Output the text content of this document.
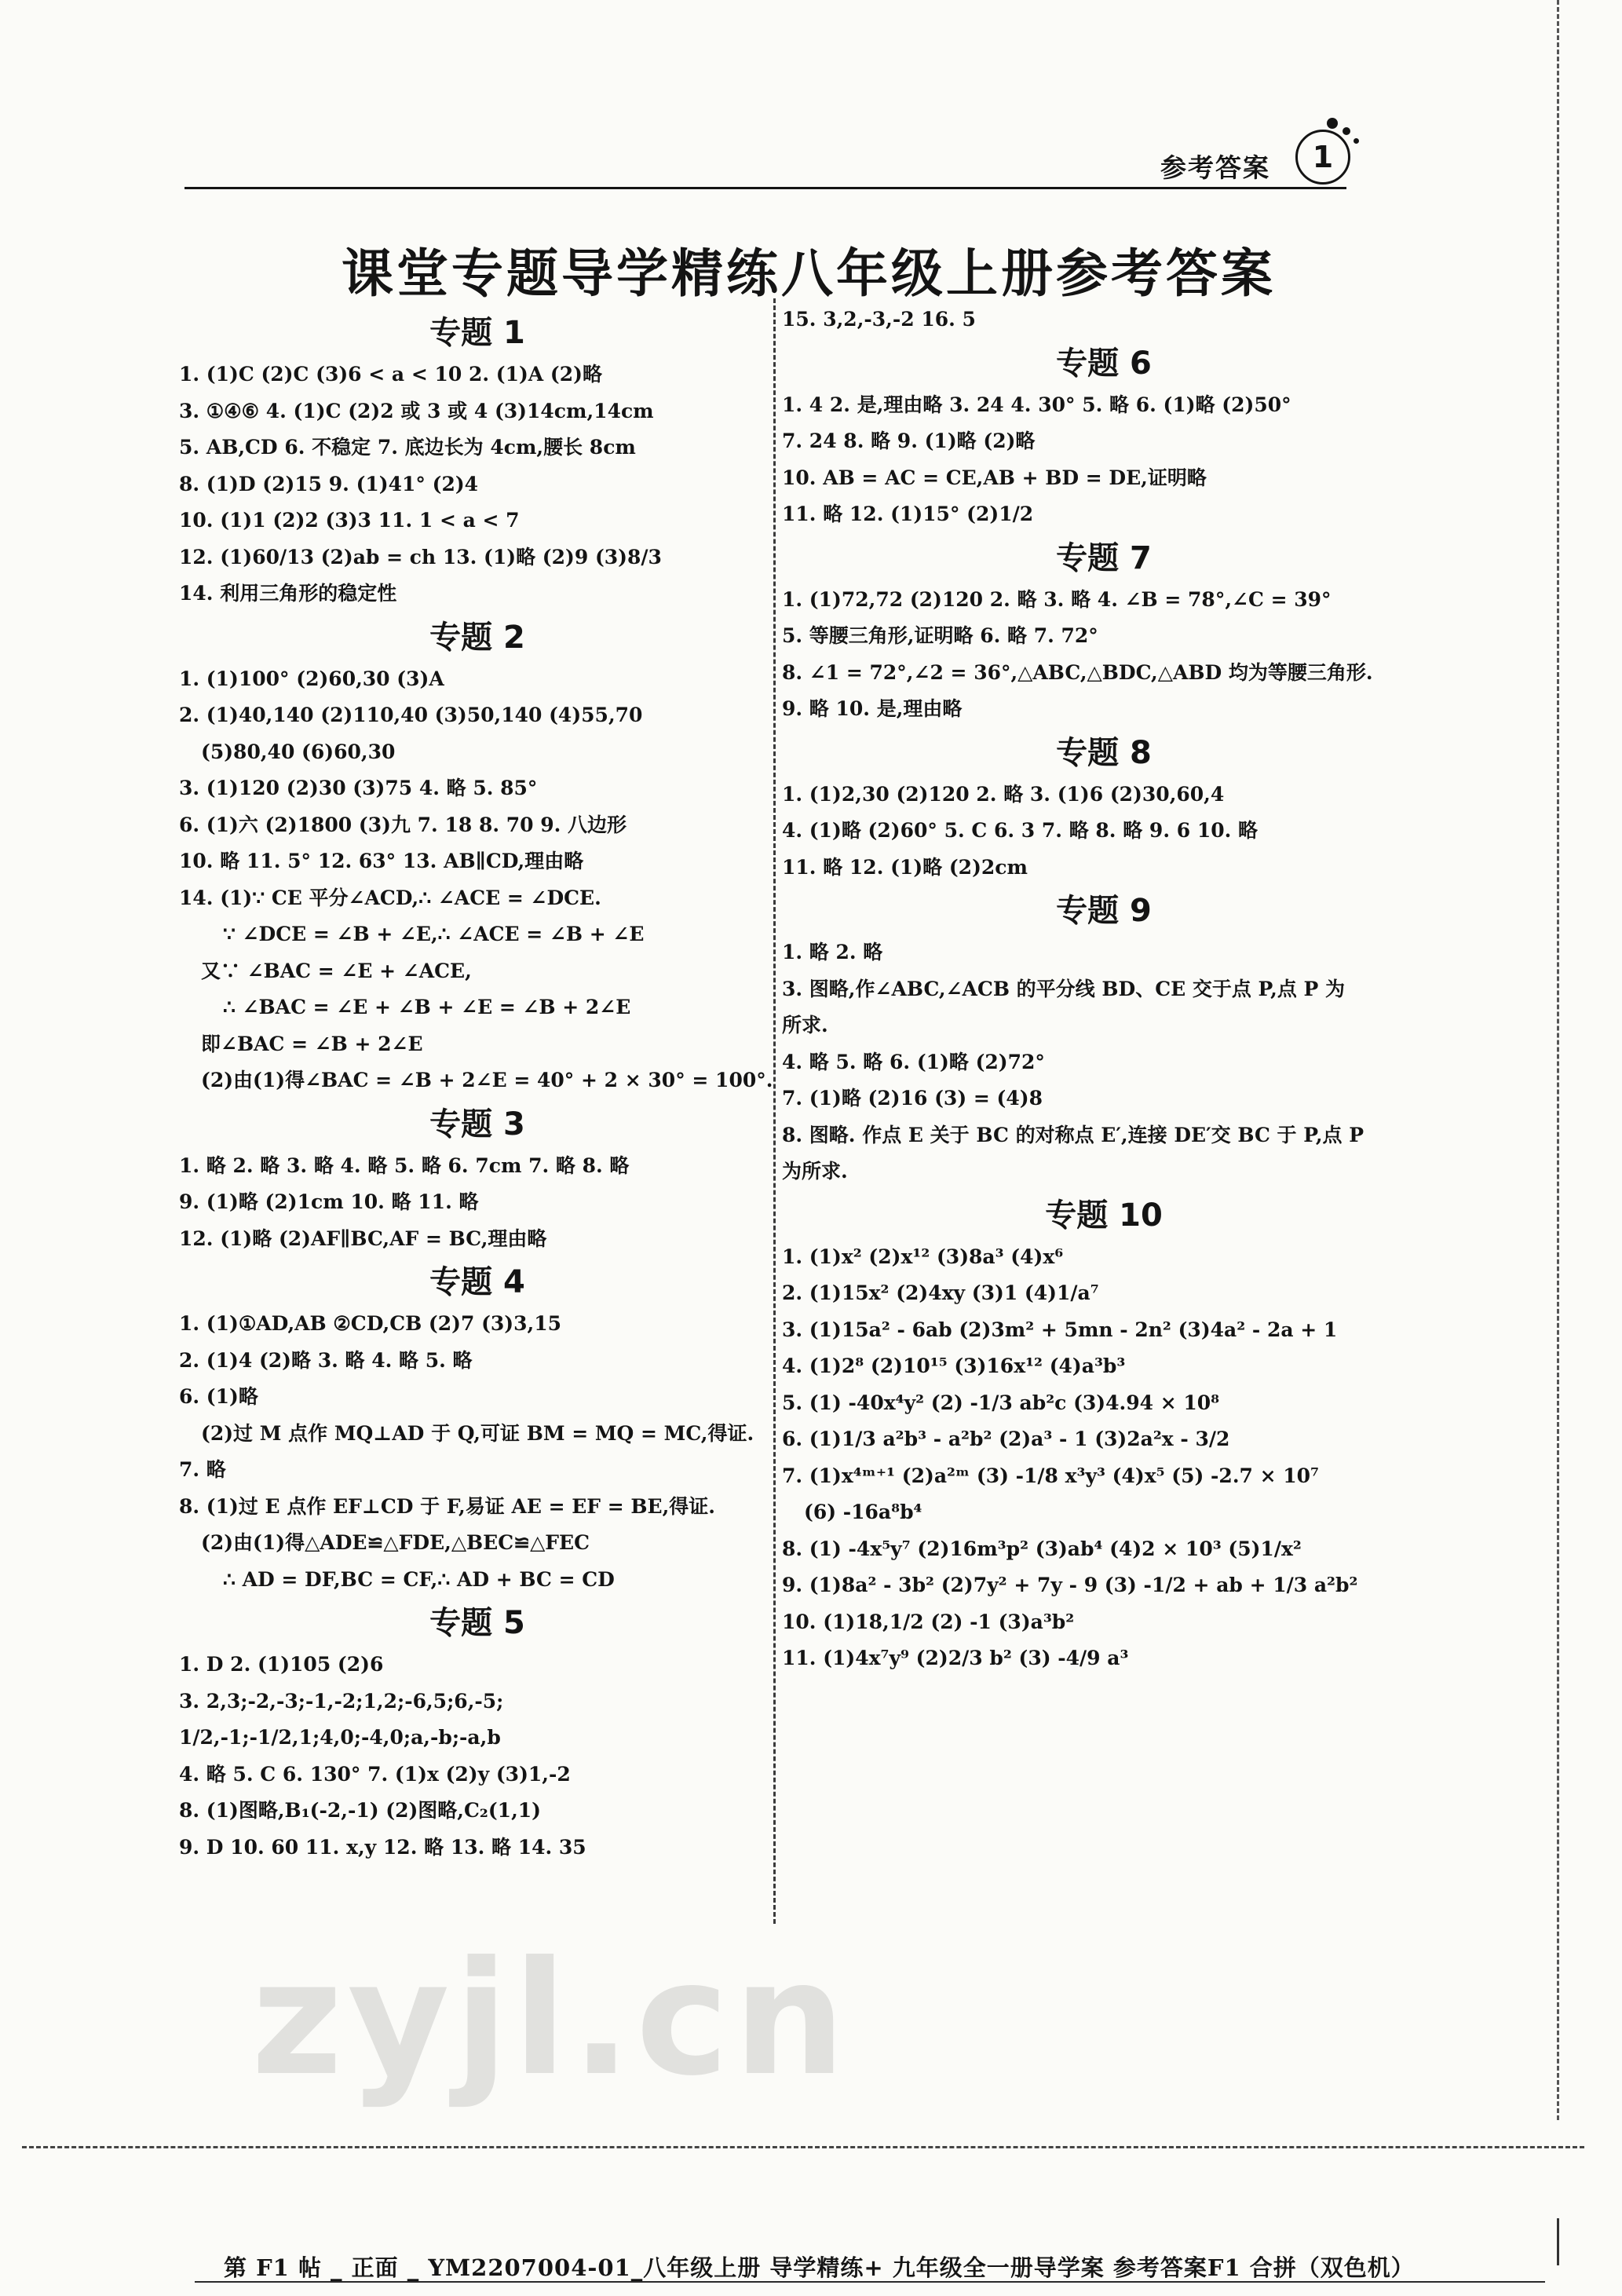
参考答案	1
课堂专题导学精练八年级上册参考答案
专题 1
1. (1)C (2)C (3)6 < a < 10 2. (1)A (2)略
3. ①④⑥ 4. (1)C (2)2 或 3 或 4 (3)14cm,14cm
5. AB,CD 6. 不稳定 7. 底边长为 4cm,腰长 8cm
8. (1)D (2)15 9. (1)41° (2)4
10. (1)1 (2)2 (3)3 11. 1 < a < 7
12. (1)60/13 (2)ab = ch 13. (1)略 (2)9 (3)8/3
14. 利用三角形的稳定性
专题 2
1. (1)100° (2)60,30 (3)A
2. (1)40,140 (2)110,40 (3)50,140 (4)55,70
(5)80,40 (6)60,30
3. (1)120 (2)30 (3)75 4. 略 5. 85°
6. (1)六 (2)1800 (3)九 7. 18 8. 70 9. 八边形
10. 略 11. 5° 12. 63° 13. AB∥CD,理由略
14. (1)∵ CE 平分∠ACD,∴ ∠ACE = ∠DCE.
∵ ∠DCE = ∠B + ∠E,∴ ∠ACE = ∠B + ∠E
又∵ ∠BAC = ∠E + ∠ACE,
∴ ∠BAC = ∠E + ∠B + ∠E = ∠B + 2∠E
即∠BAC = ∠B + 2∠E
(2)由(1)得∠BAC = ∠B + 2∠E = 40° + 2 × 30° = 100°.
专题 3
1. 略 2. 略 3. 略 4. 略 5. 略 6. 7cm 7. 略 8. 略
9. (1)略 (2)1cm 10. 略 11. 略
12. (1)略 (2)AF∥BC,AF = BC,理由略
专题 4
1. (1)①AD,AB ②CD,CB (2)7 (3)3,15
2. (1)4 (2)略 3. 略 4. 略 5. 略
6. (1)略
(2)过 M 点作 MQ⊥AD 于 Q,可证 BM = MQ = MC,得证.
7. 略
8. (1)过 E 点作 EF⊥CD 于 F,易证 AE = EF = BE,得证.
(2)由(1)得△ADE≌△FDE,△BEC≌△FEC
∴ AD = DF,BC = CF,∴ AD + BC = CD
专题 5
1. D 2. (1)105 (2)6
3. 2,3;-2,-3;-1,-2;1,2;-6,5;6,-5;
1/2,-1;-1/2,1;4,0;-4,0;a,-b;-a,b
4. 略 5. C 6. 130° 7. (1)x (2)y (3)1,-2
8. (1)图略,B₁(-2,-1) (2)图略,C₂(1,1)
9. D 10. 60 11. x,y 12. 略 13. 略 14. 35
15. 3,2,-3,-2 16. 5
专题 6
1. 4 2. 是,理由略 3. 24 4. 30° 5. 略 6. (1)略 (2)50°
7. 24 8. 略 9. (1)略 (2)略
10. AB = AC = CE,AB + BD = DE,证明略
11. 略 12. (1)15° (2)1/2
专题 7
1. (1)72,72 (2)120 2. 略 3. 略 4. ∠B = 78°,∠C = 39°
5. 等腰三角形,证明略 6. 略 7. 72°
8. ∠1 = 72°,∠2 = 36°,△ABC,△BDC,△ABD 均为等腰三角形.
9. 略 10. 是,理由略
专题 8
1. (1)2,30 (2)120 2. 略 3. (1)6 (2)30,60,4
4. (1)略 (2)60° 5. C 6. 3 7. 略 8. 略 9. 6 10. 略
11. 略 12. (1)略 (2)2cm
专题 9
1. 略 2. 略
3. 图略,作∠ABC,∠ACB 的平分线 BD、CE 交于点 P,点 P 为
所求.
4. 略 5. 略 6. (1)略 (2)72°
7. (1)略 (2)16 (3) = (4)8
8. 图略. 作点 E 关于 BC 的对称点 E′,连接 DE′交 BC 于 P,点 P
为所求.
专题 10
1. (1)x² (2)x¹² (3)8a³ (4)x⁶
2. (1)15x² (2)4xy (3)1 (4)1/a⁷
3. (1)15a² - 6ab (2)3m² + 5mn - 2n² (3)4a² - 2a + 1
4. (1)2⁸ (2)10¹⁵ (3)16x¹² (4)a³b³
5. (1) -40x⁴y² (2) -1/3 ab²c (3)4.94 × 10⁸
6. (1)1/3 a²b³ - a²b² (2)a³ - 1 (3)2a²x - 3/2
7. (1)x⁴ᵐ⁺¹ (2)a²ᵐ (3) -1/8 x³y³ (4)x⁵ (5) -2.7 × 10⁷
(6) -16a⁸b⁴
8. (1) -4x⁵y⁷ (2)16m³p² (3)ab⁴ (4)2 × 10³ (5)1/x²
9. (1)8a² - 3b² (2)7y² + 7y - 9 (3) -1/2 + ab + 1/3 a²b²
10. (1)18,1/2 (2) -1 (3)a³b²
11. (1)4x⁷y⁹ (2)2/3 b² (3) -4/9 a³
zyjl.cn
第 F1 帖 _ 正面 _ YM2207004-01_八年级上册 导学精练+ 九年级全一册导学案 参考答案F1 合拼（双色机）
